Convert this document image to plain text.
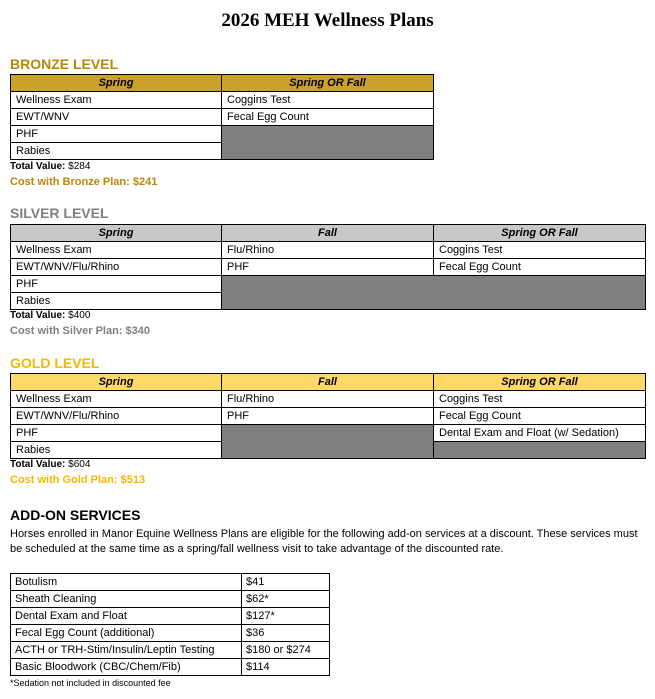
2026 MEH Wellness Plans
BRONZE LEVEL
Spring	Spring OR Fall
Wellness Exam	Coggins Test
EWT/WNV	Fecal Egg Count
PHF	
Rabies	
Total Value: $284
Cost with Bronze Plan: $241
SILVER LEVEL
Spring	Fall	Spring OR Fall
Wellness Exam	Flu/Rhino	Coggins Test
EWT/WNV/Flu/Rhino	PHF	Fecal Egg Count
PHF		
Rabies		
Total Value: $400
Cost with Silver Plan: $340
GOLD LEVEL
Spring	Fall	Spring OR Fall
Wellness Exam	Flu/Rhino	Coggins Test
EWT/WNV/Flu/Rhino	PHF	Fecal Egg Count
PHF		Dental Exam and Float (w/ Sedation)
Rabies		
Total Value: $604
Cost with Gold Plan: $513
ADD-ON SERVICES
Horses enrolled in Manor Equine Wellness Plans are eligible for the following add-on services at a discount. These services must be scheduled at the same time as a spring/fall wellness visit to take advantage of the discounted rate.
Botulism	$41
Sheath Cleaning	$62*
Dental Exam and Float	$127*
Fecal Egg Count (additional)	$36
ACTH or TRH-Stim/Insulin/Leptin Testing	$180 or $274
Basic Bloodwork (CBC/Chem/Fib)	$114
*Sedation not included in discounted fee
